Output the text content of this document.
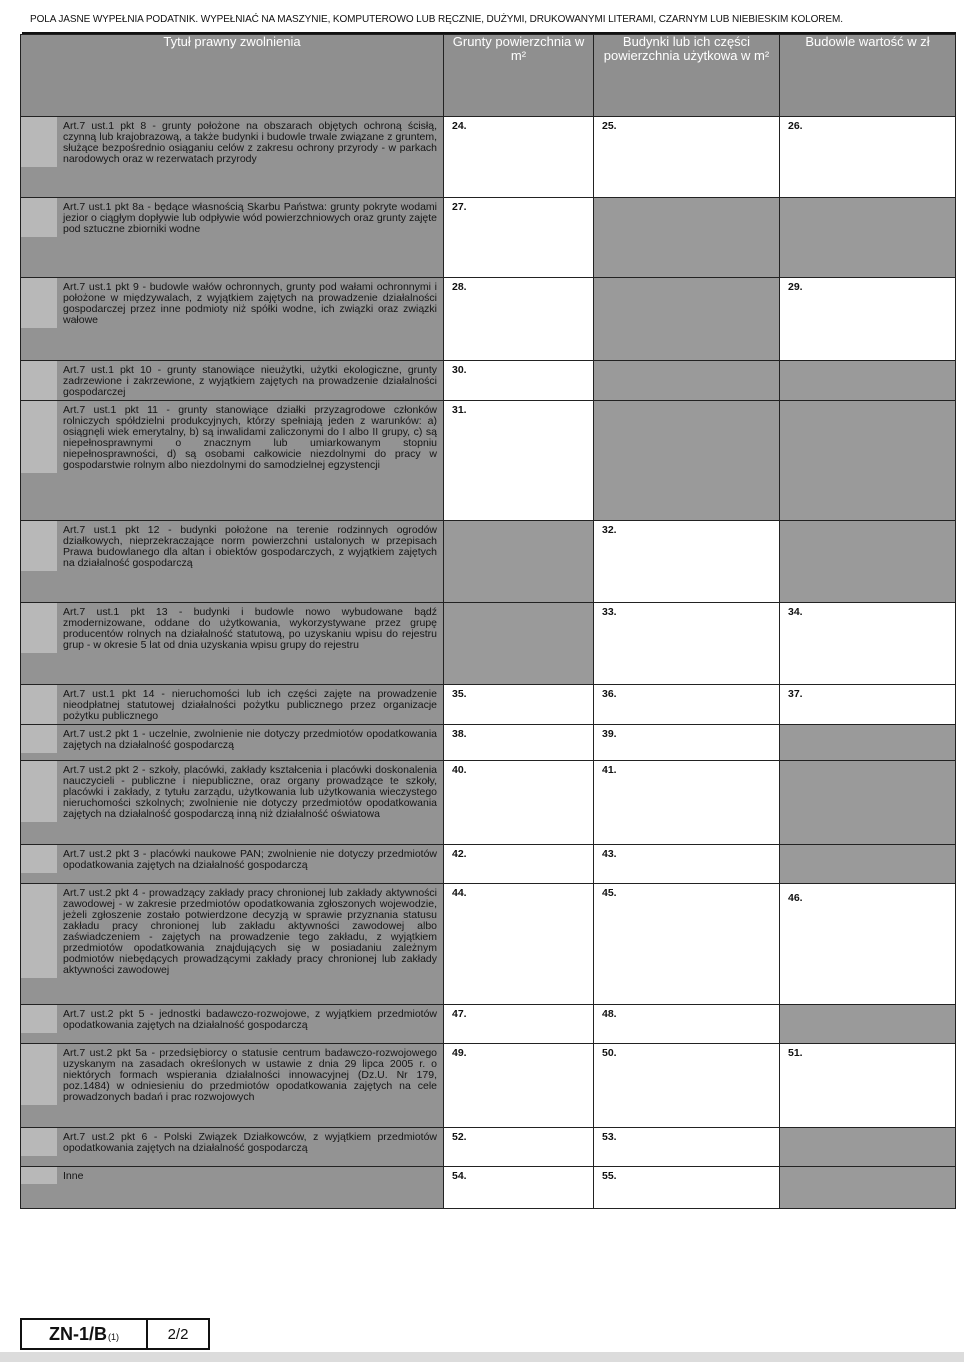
POLA JASNE WYPEŁNIA PODATNIK. WYPEŁNIAĆ NA MASZYNIE, KOMPUTEROWO LUB RĘCZNIE, DUŻYMI, DRUKOWANYMI LITERAMI, CZARNYM LUB NIEBIESKIM KOLOREM.
Tytuł prawny zwolnienia	Grunty powierzchnia w m²	Budynki lub ich części powierzchnia użytkowa w m²	Budowle wartość w zł

Art.7 ust.1 pkt 8 - grunty położone na obszarach objętych ochroną ścisłą, czynną lub krajobrazową, a także budynki i budowle trwale związane z gruntem, służące bezpośrednio osiąganiu celów z zakresu ochrony przyrody - w parkach narodowych oraz w rezerwatach przyrody	24.	25.	26.

Art.7 ust.1 pkt 8a - będące własnością Skarbu Państwa: grunty pokryte wodami jezior o ciągłym dopływie lub odpływie wód powierzchniowych oraz grunty zajęte pod sztuczne zbiorniki wodne	27.		

Art.7 ust.1 pkt 9 - budowle wałów ochronnych, grunty pod wałami ochronnymi i położone w międzywalach, z wyjątkiem zajętych na prowadzenie działalności gospodarczej przez inne podmioty niż spółki wodne, ich związki oraz związki wałowe	28.		29.

Art.7 ust.1 pkt 10 - grunty stanowiące nieużytki, użytki ekologiczne, grunty zadrzewione i zakrzewione, z wyjątkiem zajętych na prowadzenie działalności gospodarczej	30.		

Art.7 ust.1 pkt 11 - grunty stanowiące działki przyzagrodowe członków rolniczych spółdzielni produkcyjnych, którzy spełniają jeden z warunków: a) osiągnęli wiek emerytalny, b) są inwalidami zaliczonymi do I albo II grupy, c) są niepełnosprawnymi o znacznym lub umiarkowanym stopniu niepełnosprawności, d) są osobami całkowicie niezdolnymi do pracy w gospodarstwie rolnym albo niezdolnymi do samodzielnej egzystencji	31.		

Art.7 ust.1 pkt 12 - budynki położone na terenie rodzinnych ogrodów działkowych, nieprzekraczające norm powierzchni ustalonych w przepisach Prawa budowlanego dla altan i obiektów gospodarczych, z wyjątkiem zajętych na działalność gospodarczą		32.	

Art.7 ust.1 pkt 13 - budynki i budowle nowo wybudowane bądź zmodernizowane, oddane do użytkowania, wykorzystywane przez grupę producentów rolnych na działalność statutową, po uzyskaniu wpisu do rejestru grup - w okresie 5 lat od dnia uzyskania wpisu grupy do rejestru		33.	34.

Art.7 ust.1 pkt 14 - nieruchomości lub ich części zajęte na prowadzenie nieodpłatnej statutowej działalności pożytku publicznego przez organizacje pożytku publicznego	35.	36.	37.

Art.7 ust.2 pkt 1 - uczelnie, zwolnienie nie dotyczy przedmiotów opodatkowania zajętych na działalność gospodarczą	38.	39.	

Art.7 ust.2 pkt 2 - szkoły, placówki, zakłady kształcenia i placówki doskonalenia nauczycieli - publiczne i niepubliczne, oraz organy prowadzące te szkoły, placówki i zakłady, z tytułu zarządu, użytkowania lub użytkowania wieczystego nieruchomości szkolnych; zwolnienie nie dotyczy przedmiotów opodatkowania zajętych na działalność gospodarczą inną niż działalność oświatowa	40.	41.	

Art.7 ust.2 pkt 3 - placówki naukowe PAN; zwolnienie nie dotyczy przedmiotów opodatkowania zajętych na działalność gospodarczą	42.	43.	

Art.7 ust.2 pkt 4 - prowadzący zakłady pracy chronionej lub zakłady aktywności zawodowej - w zakresie przedmiotów opodatkowania zgłoszonych wojewodzie, jeżeli zgłoszenie zostało potwierdzone decyzją w sprawie przyznania statusu zakładu pracy chronionej lub zakładu aktywności zawodowej albo zaświadczeniem - zajętych na prowadzenie tego zakładu, z wyjątkiem przedmiotów opodatkowania znajdujących się w posiadaniu zależnym podmiotów niebędących prowadzącymi zakłady pracy chronionej lub zakłady aktywności zawodowej	44.	45.	46.

Art.7 ust.2 pkt 5 - jednostki badawczo-rozwojowe, z wyjątkiem przedmiotów opodatkowania zajętych na działalność gospodarczą	47.	48.	

Art.7 ust.2 pkt 5a - przedsiębiorcy o statusie centrum badawczo-rozwojowego uzyskanym na zasadach określonych w ustawie z dnia 29 lipca 2005 r. o niektórych formach wspierania działalności innowacyjnej (Dz.U. Nr 179, poz.1484) w odniesieniu do przedmiotów opodatkowania zajętych na cele prowadzonych badań i prac rozwojowych	49.	50.	51.

Art.7 ust.2 pkt 6 - Polski Związek Działkowców, z wyjątkiem przedmiotów opodatkowania zajętych na działalność gospodarczą	52.	53.	

Inne	54.	55.	

ZN-1/B (1)	2/2
